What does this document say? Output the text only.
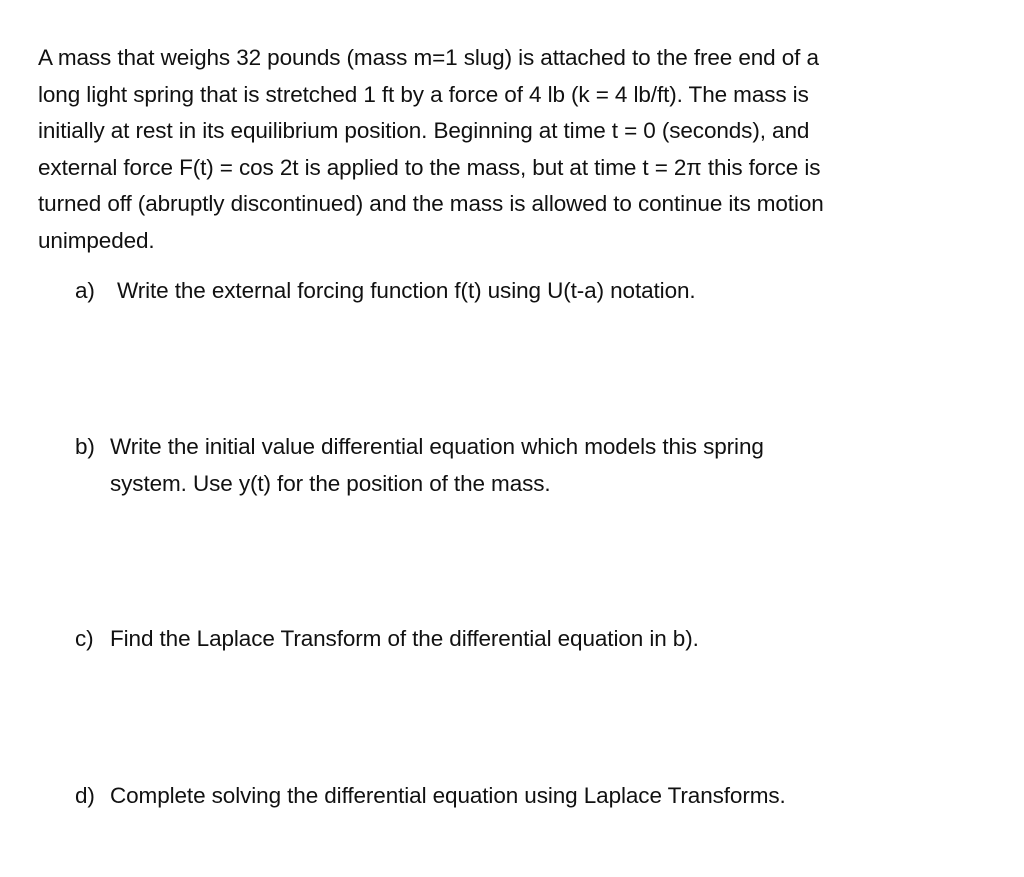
A mass that weighs 32 pounds (mass m=1 slug) is attached to the free end of a
long light spring that is stretched 1 ft by a force of 4 lb (k = 4 lb/ft). The mass is
initially at rest in its equilibrium position. Beginning at time t = 0 (seconds), and
external force F(t) = cos 2t is applied to the mass, but at time t = 2π this force is
turned off (abruptly discontinued) and the mass is allowed to continue its motion
unimpeded.
a) Write the external forcing function f(t) using U(t-a) notation.
b) Write the initial value differential equation which models this spring
system. Use y(t) for the position of the mass.
c) Find the Laplace Transform of the differential equation in b).
d) Complete solving the differential equation using Laplace Transforms.
